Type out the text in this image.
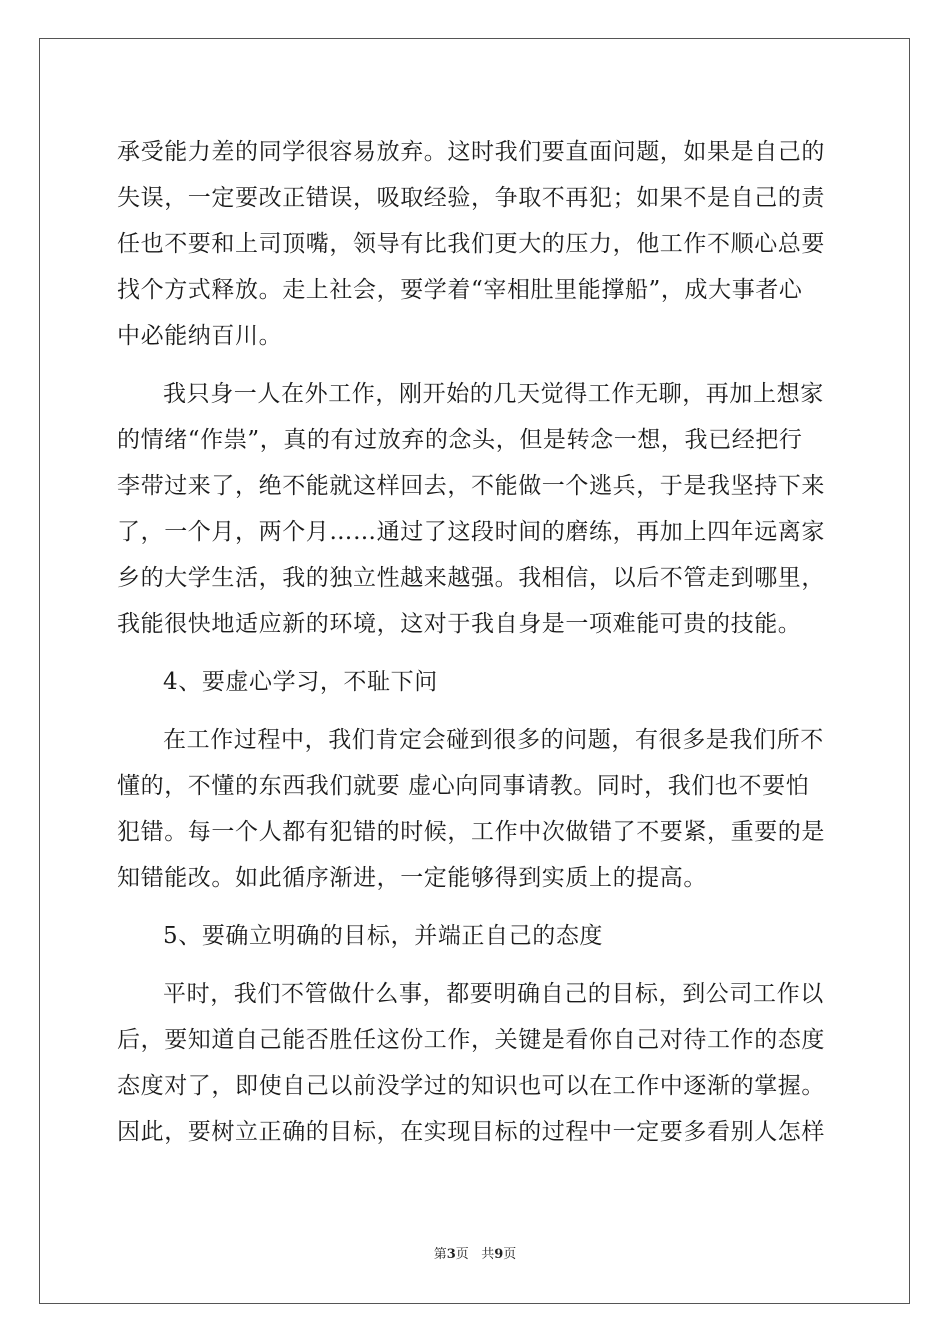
承受能力差的同学很容易放弃。这时我们要直面问题，如果是自己的
失误，一定要改正错误，吸取经验，争取不再犯；如果不是自己的责
任也不要和上司顶嘴，领导有比我们更大的压力，他工作不顺心总要
找个方式释放。走上社会，要学着“宰相肚里能撑船”，成大事者心
中必能纳百川。
我只身一人在外工作，刚开始的几天觉得工作无聊，再加上想家
的情绪“作祟”，真的有过放弃的念头，但是转念一想，我已经把行
李带过来了，绝不能就这样回去，不能做一个逃兵，于是我坚持下来
了，一个月，两个月……通过了这段时间的磨练，再加上四年远离家
乡的大学生活，我的独立性越来越强。我相信，以后不管走到哪里，
我能很快地适应新的环境，这对于我自身是一项难能可贵的技能。
4、要虚心学习，不耻下问
在工作过程中，我们肯定会碰到很多的问题，有很多是我们所不
懂的，不懂的东西我们就要 虚心向同事请教。同时，我们也不要怕
犯错。每一个人都有犯错的时候，工作中次做错了不要紧，重要的是
知错能改。如此循序渐进，一定能够得到实质上的提高。
5、要确立明确的目标，并端正自己的态度
平时，我们不管做什么事，都要明确自己的目标，到公司工作以
后，要知道自己能否胜任这份工作，关键是看你自己对待工作的态度
态度对了，即使自己以前没学过的知识也可以在工作中逐渐的掌握。
因此，要树立正确的目标，在实现目标的过程中一定要多看别人怎样
第3页 共9页
